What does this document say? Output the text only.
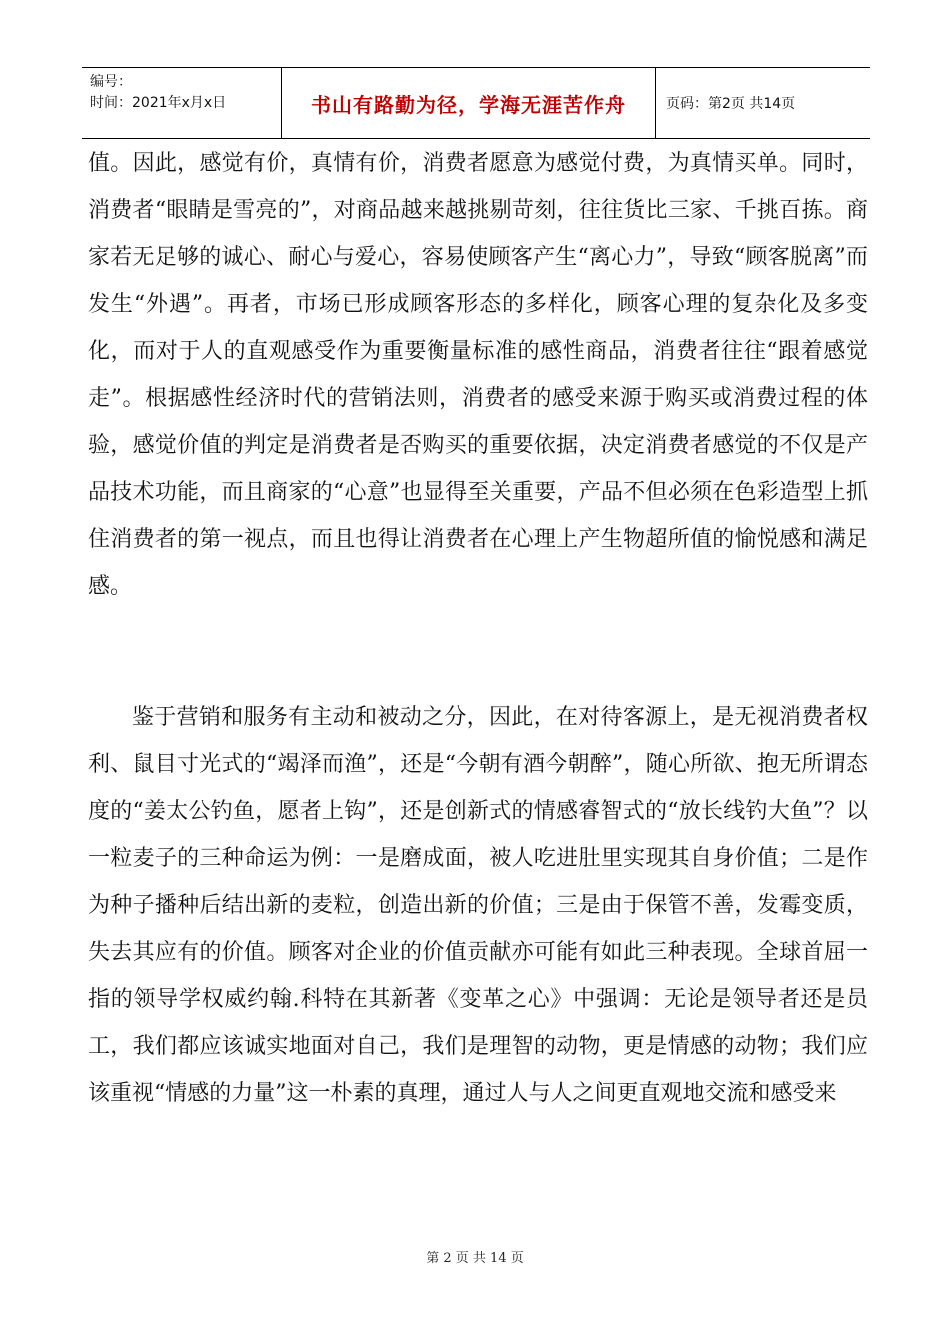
编号：
时间：2021年x月x日	书山有路勤为径，学海无涯苦作舟	页码：第2页 共14页

值。因此，感觉有价，真情有价，消费者愿意为感觉付费，为真情买单。同时，消费者“眼睛是雪亮的”，对商品越来越挑剔苛刻，往往货比三家、千挑百拣。商家若无足够的诚心、耐心与爱心，容易使顾客产生“离心力”，导致“顾客脱离”而发生“外遇”。再者，市场已形成顾客形态的多样化，顾客心理的复杂化及多变化，而对于人的直观感受作为重要衡量标准的感性商品，消费者往往“跟着感觉走”。根据感性经济时代的营销法则，消费者的感受来源于购买或消费过程的体验，感觉价值的判定是消费者是否购买的重要依据，决定消费者感觉的不仅是产品技术功能，而且商家的“心意”也显得至关重要，产品不但必须在色彩造型上抓住消费者的第一视点，而且也得让消费者在心理上产生物超所值的愉悦感和满足感。

鉴于营销和服务有主动和被动之分，因此，在对待客源上，是无视消费者权利、鼠目寸光式的“竭泽而渔”，还是“今朝有酒今朝醉”，随心所欲、抱无所谓态度的“姜太公钓鱼，愿者上钩”，还是创新式的情感睿智式的“放长线钓大鱼”？以一粒麦子的三种命运为例：一是磨成面，被人吃进肚里实现其自身价值；二是作为种子播种后结出新的麦粒，创造出新的价值；三是由于保管不善，发霉变质，失去其应有的价值。顾客对企业的价值贡献亦可能有如此三种表现。全球首屈一指的领导学权威约翰.科特在其新著《变革之心》中强调：无论是领导者还是员工，我们都应该诚实地面对自己，我们是理智的动物，更是情感的动物；我们应该重视“情感的力量”这一朴素的真理，通过人与人之间更直观地交流和感受来

第 2 页 共 14 页
